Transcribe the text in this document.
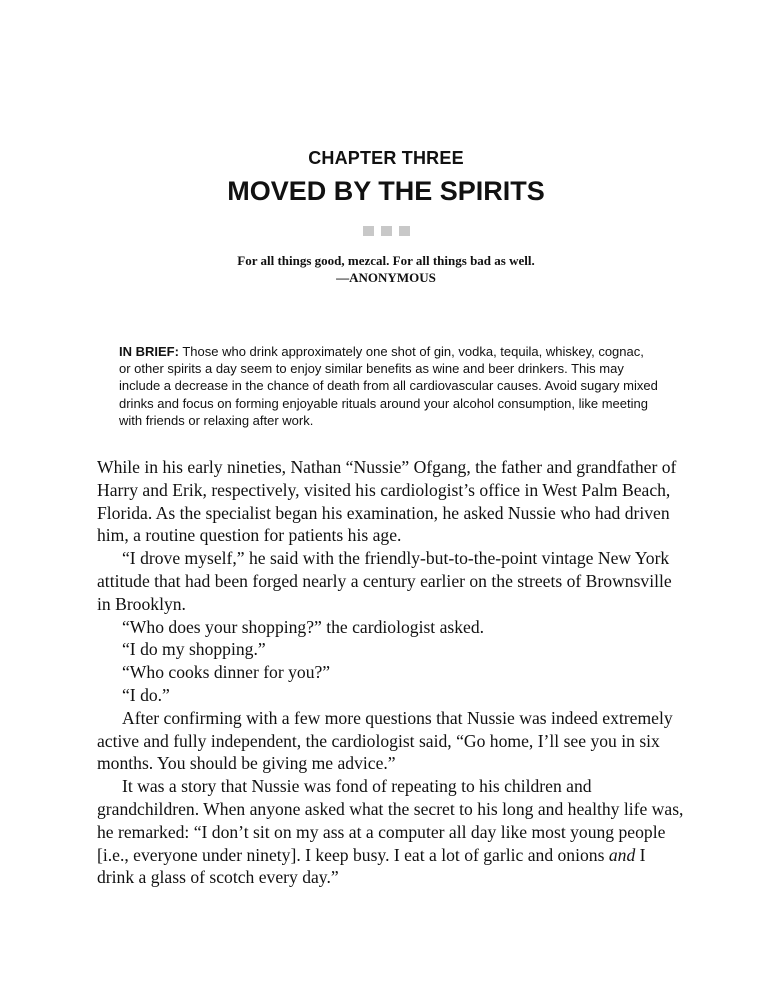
CHAPTER THREE
MOVED BY THE SPIRITS
For all things good, mezcal. For all things bad as well.
—ANONYMOUS
IN BRIEF: Those who drink approximately one shot of gin, vodka, tequila, whiskey, cognac, or other spirits a day seem to enjoy similar benefits as wine and beer drinkers. This may include a decrease in the chance of death from all cardiovascular causes. Avoid sugary mixed drinks and focus on forming enjoyable rituals around your alcohol consumption, like meeting with friends or relaxing after work.

While in his early nineties, Nathan “Nussie” Ofgang, the father and grandfather of Harry and Erik, respectively, visited his cardiologist’s office in West Palm Beach, Florida. As the specialist began his examination, he asked Nussie who had driven him, a routine question for patients his age.

“I drove myself,” he said with the friendly-but-to-the-point vintage New York attitude that had been forged nearly a century earlier on the streets of Brownsville in Brooklyn.

“Who does your shopping?” the cardiologist asked.

“I do my shopping.”

“Who cooks dinner for you?”

“I do.”

After confirming with a few more questions that Nussie was indeed extremely active and fully independent, the cardiologist said, “Go home, I’ll see you in six months. You should be giving me advice.”

It was a story that Nussie was fond of repeating to his children and grandchildren. When anyone asked what the secret to his long and healthy life was, he remarked: “I don’t sit on my ass at a computer all day like most young people [i.e., everyone under ninety]. I keep busy. I eat a lot of garlic and onions and I drink a glass of scotch every day.”
